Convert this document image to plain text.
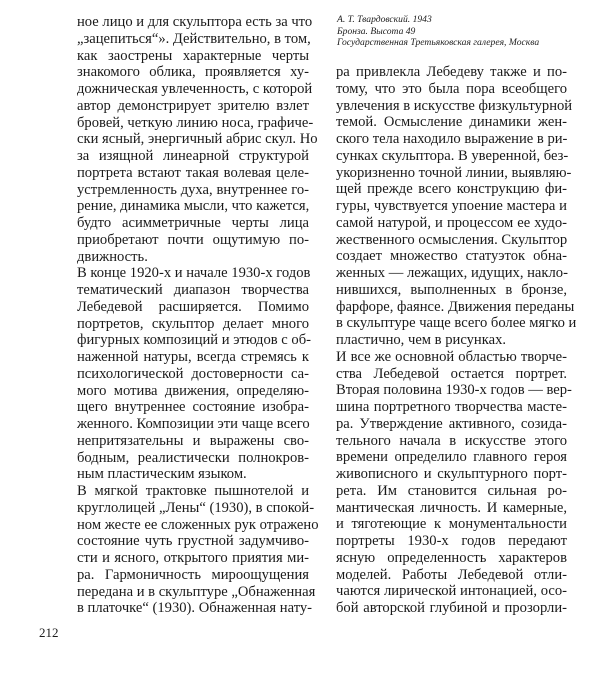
А. Т. Твардовский. 1943
Бронза. Высота 49
Государственная Третьяковская галерея, Москва
ное лицо и для скульптора есть за что
„зацепиться“». Действительно, в том,
как заострены характерные черты
знакомого облика, проявляется ху-
дожническая увлеченность, с которой
автор демонстрирует зрителю взлет
бровей, четкую линию носа, графиче-
ски ясный, энергичный абрис скул. Но
за изящной линеарной структурой
портрета встают такая волевая целе-
устремленность духа, внутреннее го-
рение, динамика мысли, что кажется,
будто асимметричные черты лица
приобретают почти ощутимую по-
движность.
В конце 1920-х и начале 1930-х годов
тематический диапазон творчества
Лебедевой расширяется. Помимо
портретов, скульптор делает много
фигурных композиций и этюдов с об-
наженной натуры, всегда стремясь к
психологической достоверности са-
мого мотива движения, определяю-
щего внутреннее состояние изобра-
женного. Композиции эти чаще всего
непритязательны и выражены сво-
бодным, реалистически полнокров-
ным пластическим языком.
В мягкой трактовке пышнотелой и
круглолицей „Лены“ (1930), в спокой-
ном жесте ее сложенных рук отражено
состояние чуть грустной задумчиво-
сти и ясного, открытого приятия ми-
ра. Гармоничность мироощущения
передана и в скульптуре „Обнаженная
в платочке“ (1930). Обнаженная нату-
ра привлекла Лебедеву также и по-
тому, что это была пора всеобщего
увлечения в искусстве физкультурной
темой. Осмысление динамики жен-
ского тела находило выражение в ри-
сунках скульптора. В уверенной, без-
укоризненно точной линии, выявляю-
щей прежде всего конструкцию фи-
гуры, чувствуется упоение мастера и
самой натурой, и процессом ее худо-
жественного осмысления. Скульптор
создает множество статуэток обна-
женных — лежащих, идущих, накло-
нившихся, выполненных в бронзе,
фарфоре, фаянсе. Движения переданы
в скульптуре чаще всего более мягко и
пластично, чем в рисунках.
И все же основной областью творче-
ства Лебедевой остается портрет.
Вторая половина 1930-х годов — вер-
шина портретного творчества масте-
ра. Утверждение активного, созида-
тельного начала в искусстве этого
времени определило главного героя
живописного и скульптурного порт-
рета. Им становится сильная ро-
мантическая личность. И камерные,
и тяготеющие к монументальности
портреты 1930-х годов передают
ясную определенность характеров
моделей. Работы Лебедевой отли-
чаются лирической интонацией, осо-
бой авторской глубиной и прозорли-
212
